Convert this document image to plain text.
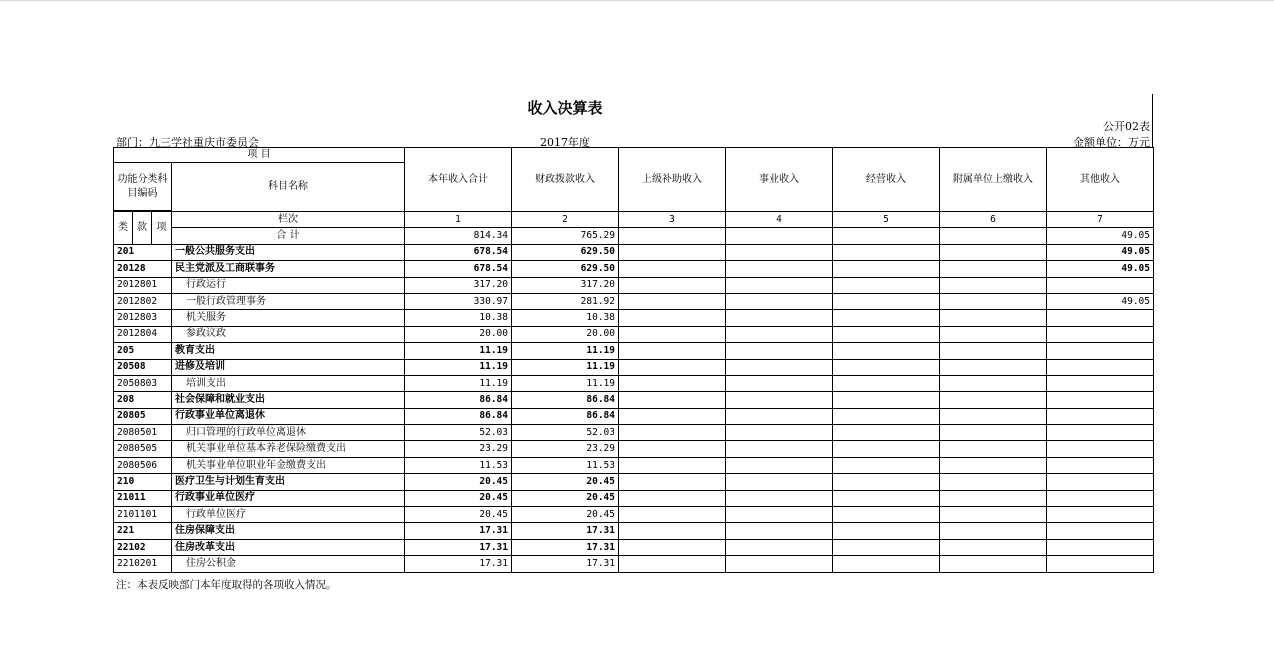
收入决算表
公开02表
部门：九三学社重庆市委员会	2017年度	金额单位：万元
项 目				本年收入合计	财政拨款收入	上级补助收入	事业收入	经营收入	附属单位上缴收入	其他收入
功能分类科目编码			科目名称							

类	款	项	栏次	1	2	3	4	5	6	7
			合 计	814.34	765.29					49.05
201			一般公共服务支出	678.54	629.50					49.05
20128			民主党派及工商联事务	678.54	629.50					49.05
2012801			行政运行	317.20	317.20					
2012802			一般行政管理事务	330.97	281.92					49.05
2012803			机关服务	10.38	10.38					
2012804			参政议政	20.00	20.00					
205			教育支出	11.19	11.19					
20508			进修及培训	11.19	11.19					
2050803			培训支出	11.19	11.19					
208			社会保障和就业支出	86.84	86.84					
20805			行政事业单位离退休	86.84	86.84					
2080501			归口管理的行政单位离退休	52.03	52.03					
2080505			机关事业单位基本养老保险缴费支出	23.29	23.29					
2080506			机关事业单位职业年金缴费支出	11.53	11.53					
210			医疗卫生与计划生育支出	20.45	20.45					
21011			行政事业单位医疗	20.45	20.45					
2101101			行政单位医疗	20.45	20.45					
221			住房保障支出	17.31	17.31					
22102			住房改革支出	17.31	17.31					
2210201			住房公积金	17.31	17.31					
注：本表反映部门本年度取得的各项收入情况。
